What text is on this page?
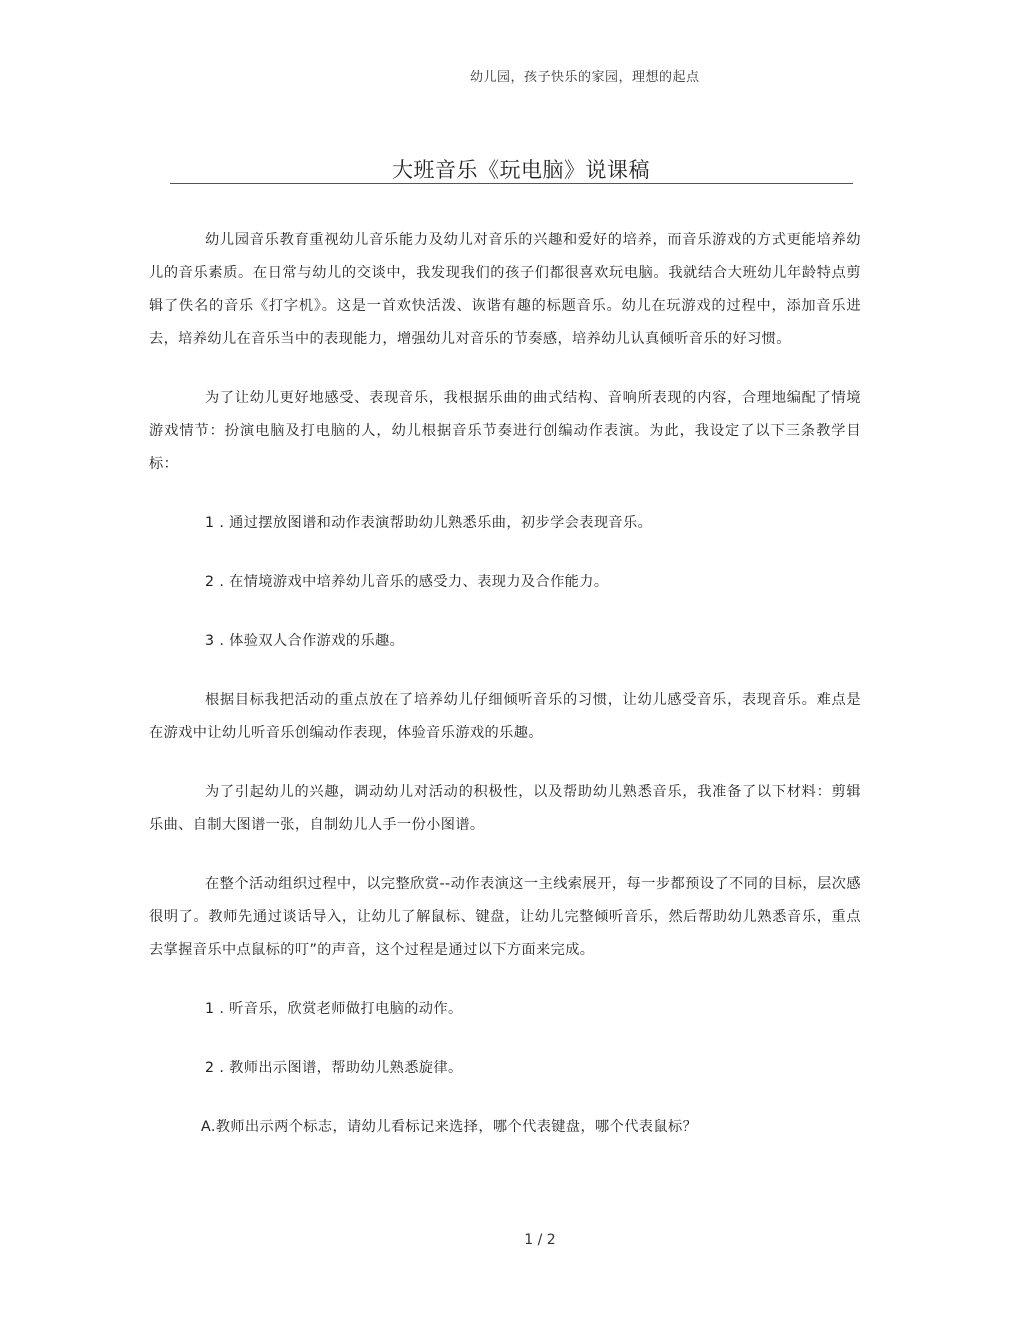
幼儿园，孩子快乐的家园，理想的起点
大班音乐《玩电脑》说课稿

幼儿园音乐教育重视幼儿音乐能力及幼儿对音乐的兴趣和爱好的培养，而音乐游戏的方式更能培养幼儿的音乐素质。在日常与幼儿的交谈中，我发现我们的孩子们都很喜欢玩电脑。我就结合大班幼儿年龄特点剪辑了佚名的音乐《打字机》。这是一首欢快活泼、诙谐有趣的标题音乐。幼儿在玩游戏的过程中，添加音乐进去，培养幼儿在音乐当中的表现能力，增强幼儿对音乐的节奏感，培养幼儿认真倾听音乐的好习惯。

为了让幼儿更好地感受、表现音乐，我根据乐曲的曲式结构、音响所表现的内容，合理地编配了情境游戏情节：扮演电脑及打电脑的人，幼儿根据音乐节奏进行创编动作表演。为此，我设定了以下三条教学目标：

1 . 通过摆放图谱和动作表演帮助幼儿熟悉乐曲，初步学会表现音乐。

2 . 在情境游戏中培养幼儿音乐的感受力、表现力及合作能力。

3 . 体验双人合作游戏的乐趣。

根据目标我把活动的重点放在了培养幼儿仔细倾听音乐的习惯，让幼儿感受音乐，表现音乐。难点是在游戏中让幼儿听音乐创编动作表现，体验音乐游戏的乐趣。

为了引起幼儿的兴趣，调动幼儿对活动的积极性，以及帮助幼儿熟悉音乐，我准备了以下材料：剪辑乐曲、自制大图谱一张，自制幼儿人手一份小图谱。

在整个活动组织过程中，以完整欣赏--动作表演这一主线索展开，每一步都预设了不同的目标，层次感很明了。教师先通过谈话导入，让幼儿了解鼠标、键盘，让幼儿完整倾听音乐，然后帮助幼儿熟悉音乐，重点去掌握音乐中点鼠标的叮”的声音，这个过程是通过以下方面来完成。

1 . 听音乐，欣赏老师做打电脑的动作。

2 . 教师出示图谱，帮助幼儿熟悉旋律。

A.教师出示两个标志，请幼儿看标记来选择，哪个代表键盘，哪个代表鼠标？

1 / 2
